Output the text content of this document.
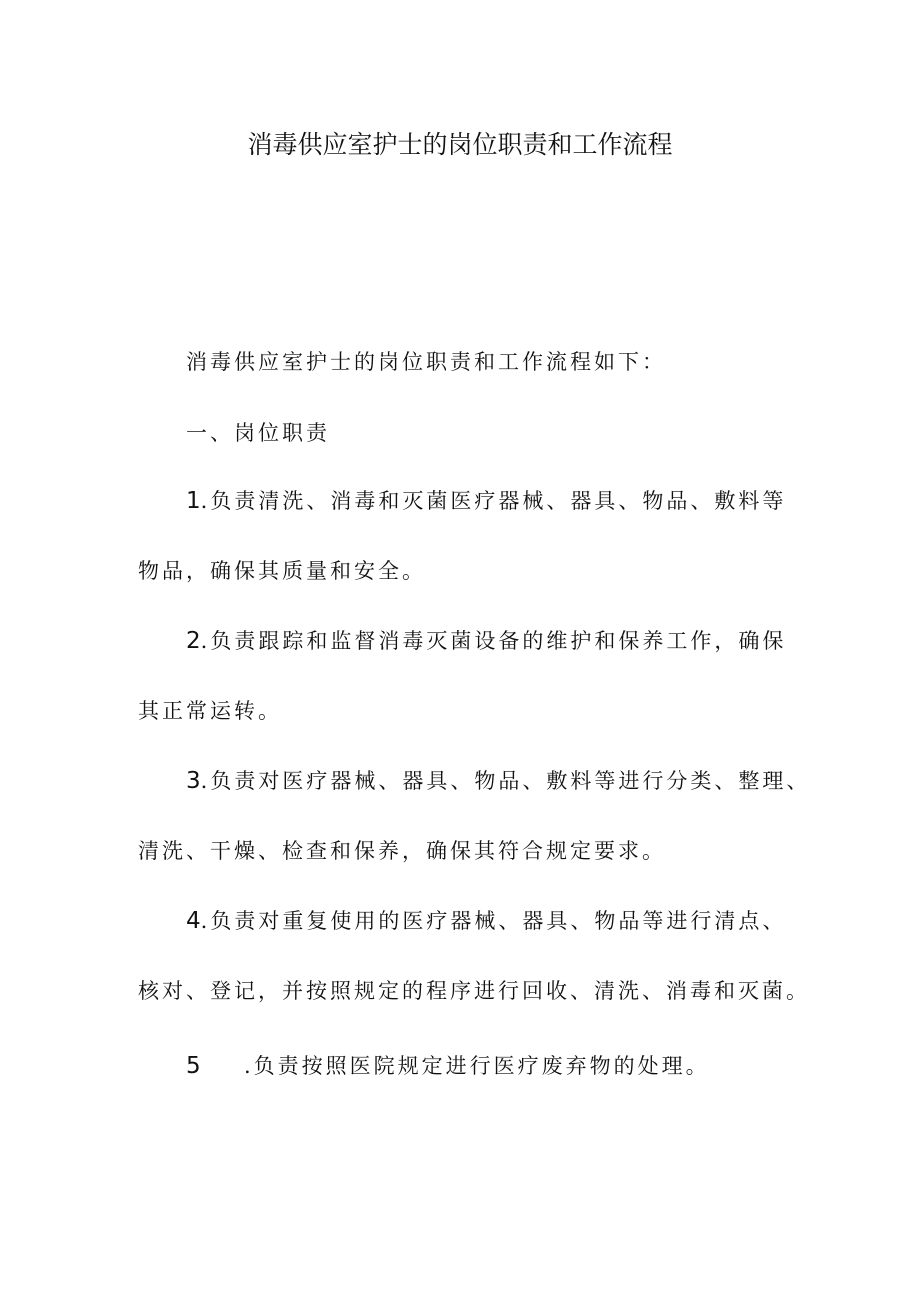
消毒供应室护士的岗位职责和工作流程
消毒供应室护士的岗位职责和工作流程如下：
一、岗位职责
1.负责清洗、消毒和灭菌医疗器械、器具、物品、敷料等
物品，确保其质量和安全。
2.负责跟踪和监督消毒灭菌设备的维护和保养工作，确保
其正常运转。
3.负责对医疗器械、器具、物品、敷料等进行分类、整理、
清洗、干燥、检查和保养，确保其符合规定要求。
4.负责对重复使用的医疗器械、器具、物品等进行清点、
核对、登记，并按照规定的程序进行回收、清洗、消毒和灭菌。
5 .负责按照医院规定进行医疗废弃物的处理。
